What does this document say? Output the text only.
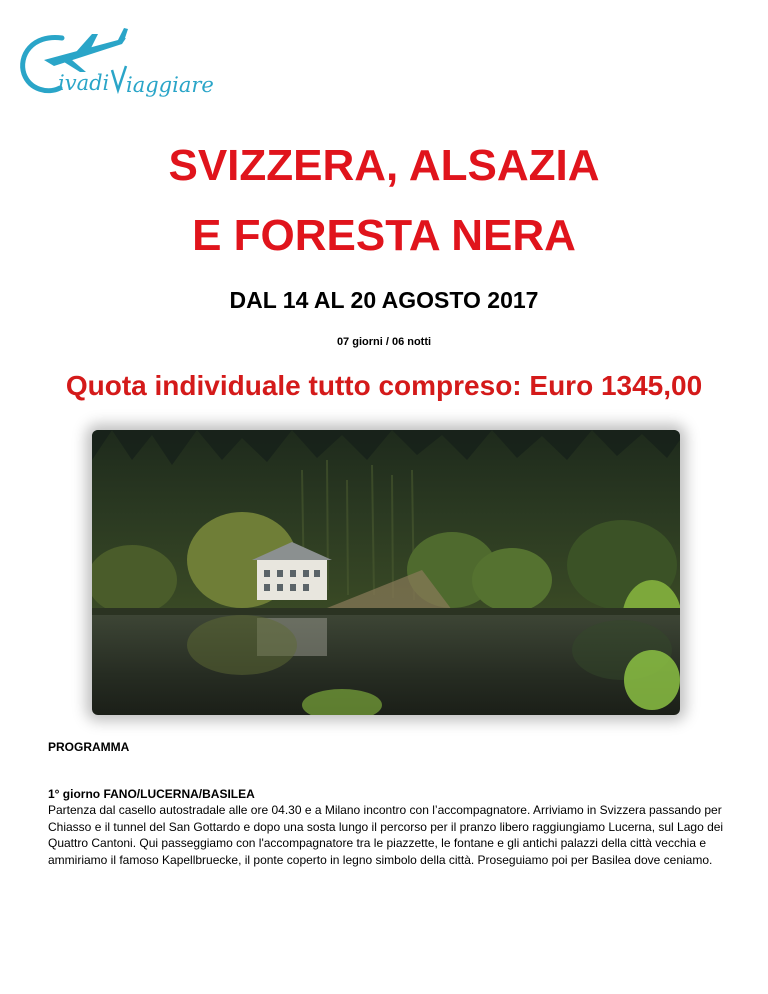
ivadi iaggiare
SVIZZERA, ALSAZIA
E FORESTA NERA
DAL 14 AL 20 AGOSTO 2017
07 giorni / 06 notti
Quota individuale tutto compreso: Euro 1345,00
PROGRAMMA
1° giorno FANO/LUCERNA/BASILEA

Partenza dal casello autostradale alle ore 04.30 e a Milano incontro con l’accompagnatore. Arriviamo in Svizzera passando per Chiasso e il tunnel del San Gottardo e dopo una sosta lungo il percorso per il pranzo libero raggiungiamo Lucerna, sul Lago dei Quattro Cantoni. Qui passeggiamo con l'accompagnatore tra le piazzette, le fontane e gli antichi palazzi della città vecchia e ammiriamo il famoso Kapellbruecke, il ponte coperto in legno simbolo della città. Proseguiamo poi per Basilea dove ceniamo.
